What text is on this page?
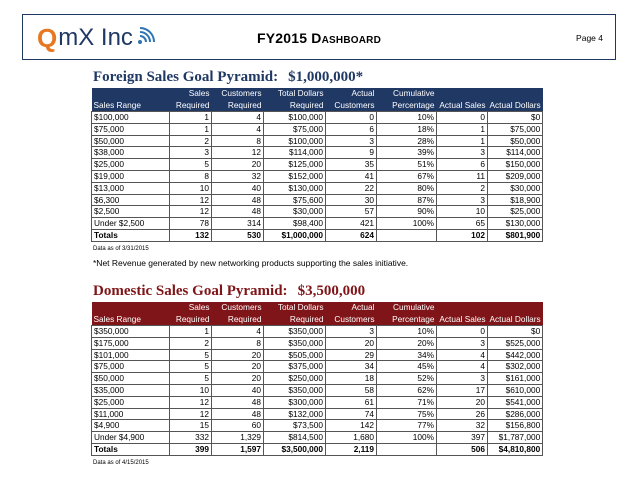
Q mX Inc	FY2015 Dashboard	Page 4
Foreign Sales Goal Pyramid: $1,000,000*
	Sales	Customers	Total Dollars	Actual	Cumulative		
Sales Range	Required	Required	Required	Customers	Percentage	Actual Sales	Actual Dollars
$100,000	1	4	$100,000	0	10%	0	$0
$75,000	1	4	$75,000	6	18%	1	$75,000
$50,000	2	8	$100,000	3	28%	1	$50,000
$38,000	3	12	$114,000	9	39%	3	$114,000
$25,000	5	20	$125,000	35	51%	6	$150,000
$19,000	8	32	$152,000	41	67%	11	$209,000
$13,000	10	40	$130,000	22	80%	2	$30,000
$6,300	12	48	$75,600	30	87%	3	$18,900
$2,500	12	48	$30,000	57	90%	10	$25,000
Under $2,500	78	314	$98,400	421	100%	65	$130,000
Totals	132	530	$1,000,000	624		102	$801,900
Data as of 3/31/2015
*Net Revenue generated by new networking products supporting the sales initiative.
Domestic Sales Goal Pyramid: $3,500,000
	Sales	Customers	Total Dollars	Actual	Cumulative		
Sales Range	Required	Required	Required	Customers	Percentage	Actual Sales	Actual Dollars
$350,000	1	4	$350,000	3	10%	0	$0
$175,000	2	8	$350,000	20	20%	3	$525,000
$101,000	5	20	$505,000	29	34%	4	$442,000
$75,000	5	20	$375,000	34	45%	4	$302,000
$50,000	5	20	$250,000	18	52%	3	$161,000
$35,000	10	40	$350,000	58	62%	17	$610,000
$25,000	12	48	$300,000	61	71%	20	$541,000
$11,000	12	48	$132,000	74	75%	26	$286,000
$4,900	15	60	$73,500	142	77%	32	$156,800
Under $4,900	332	1,329	$814,500	1,680	100%	397	$1,787,000
Totals	399	1,597	$3,500,000	2,119		506	$4,810,800
Data as of 4/15/2015
